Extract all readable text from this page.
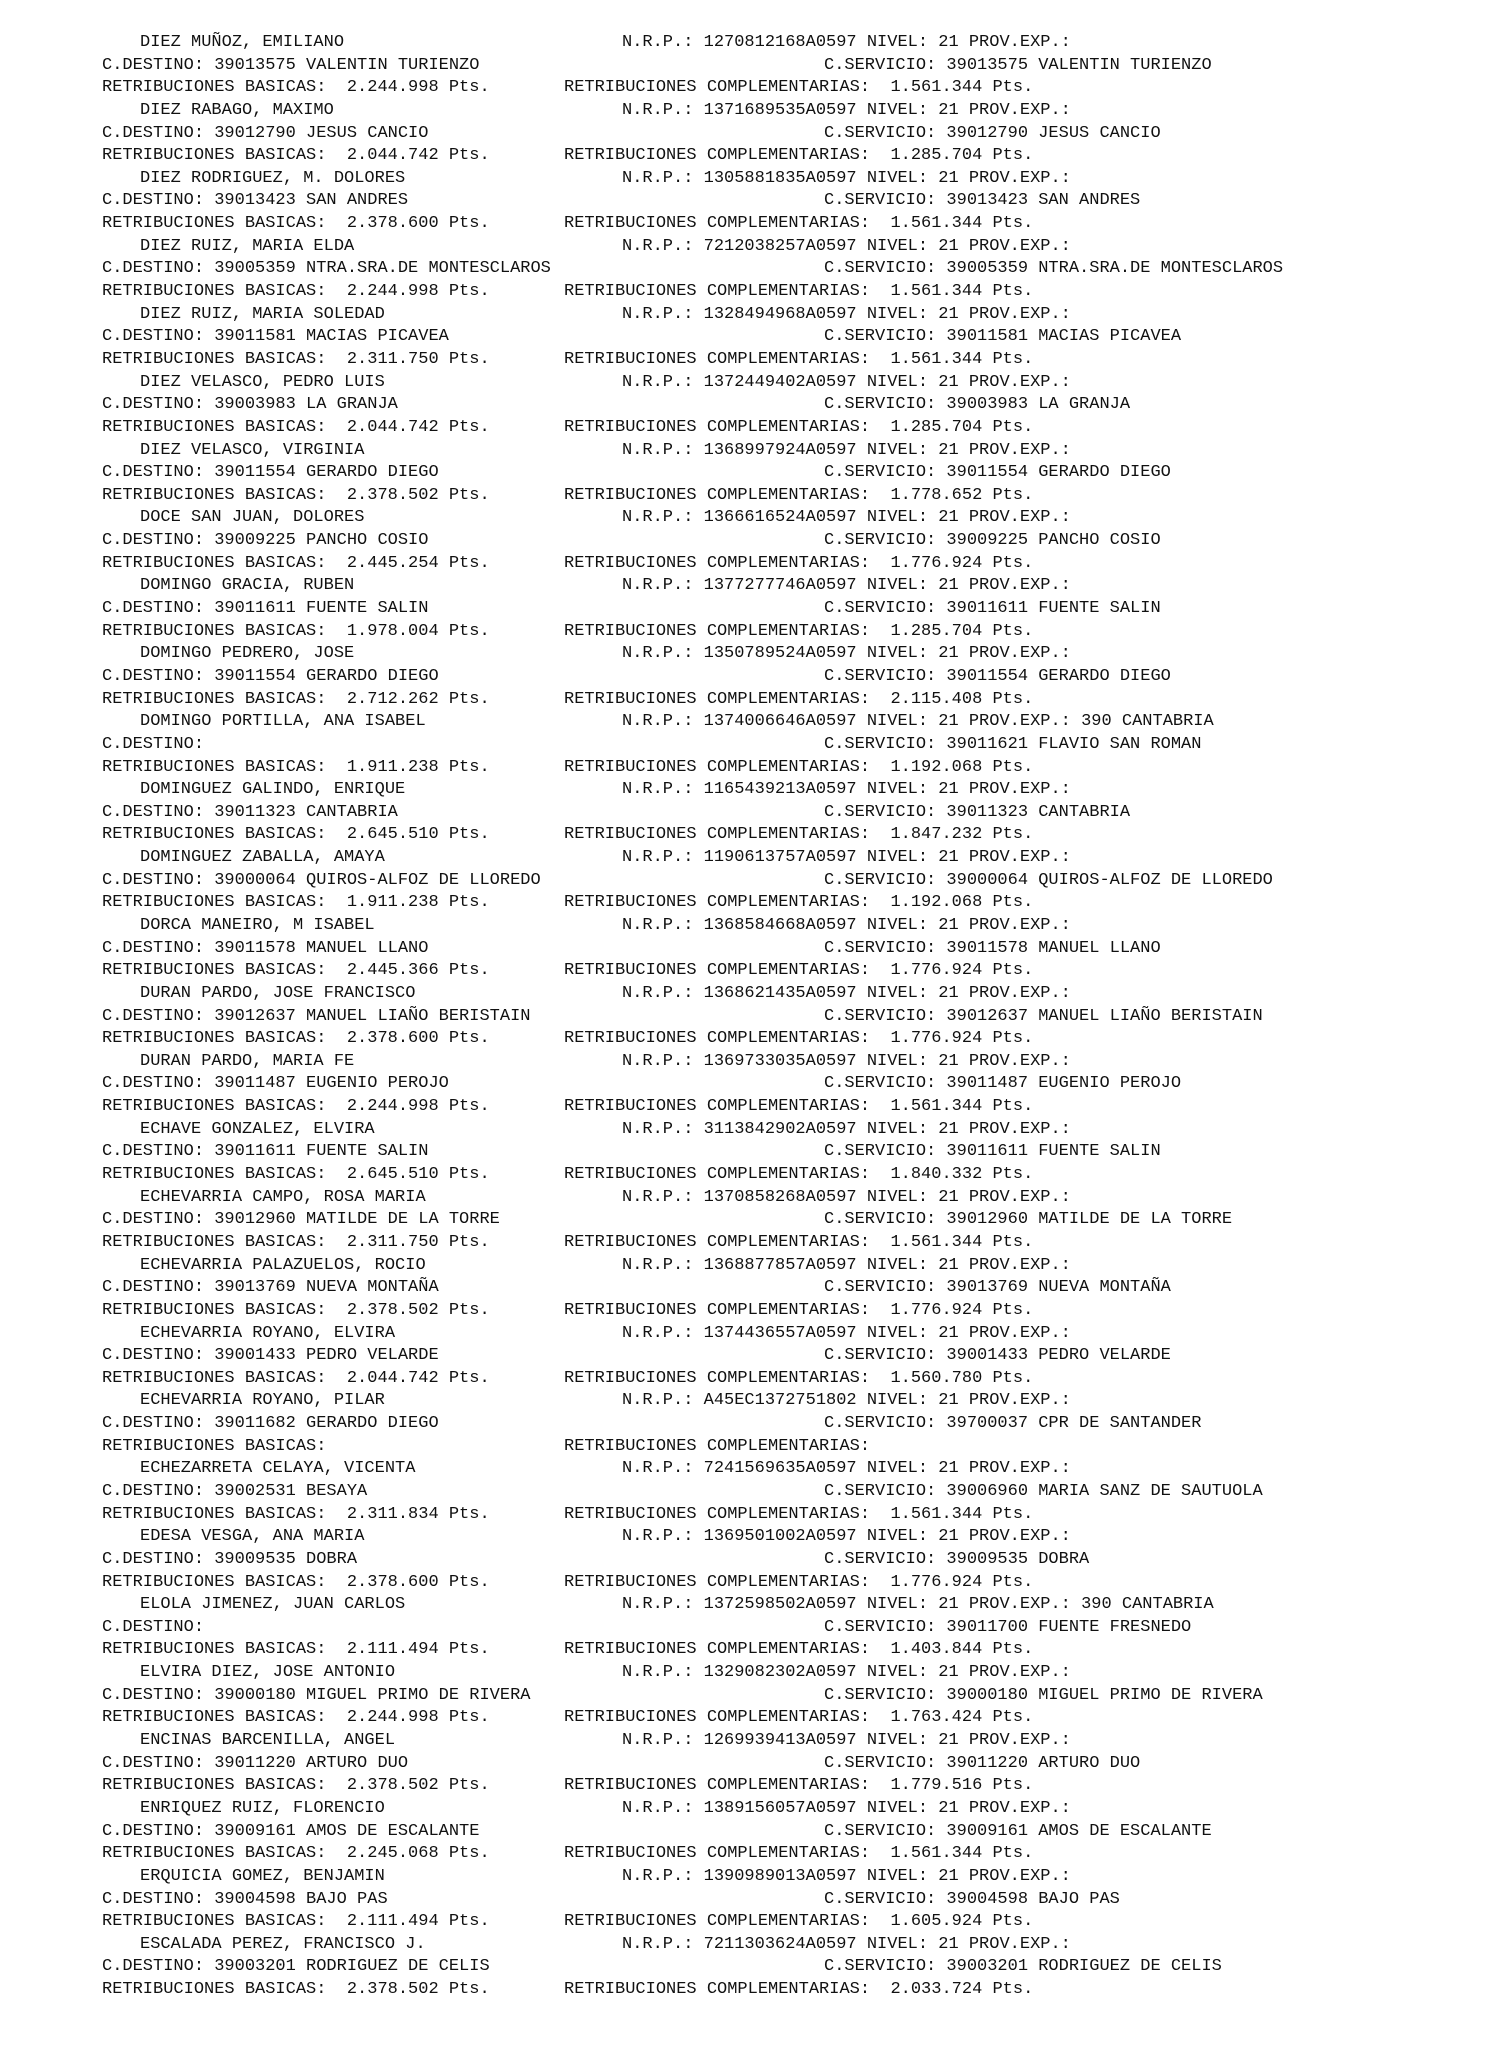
DIEZ MUÑOZ, EMILIANO	N.R.P.: 1270812168A0597 NIVEL: 21 PROV.EXP.:
C.DESTINO: 39013575 VALENTIN TURIENZO	C.SERVICIO: 39013575 VALENTIN TURIENZO
RETRIBUCIONES BASICAS:  2.244.998 Pts.	RETRIBUCIONES COMPLEMENTARIAS:  1.561.344 Pts.
DIEZ RABAGO, MAXIMO	N.R.P.: 1371689535A0597 NIVEL: 21 PROV.EXP.:
C.DESTINO: 39012790 JESUS CANCIO	C.SERVICIO: 39012790 JESUS CANCIO
RETRIBUCIONES BASICAS:  2.044.742 Pts.	RETRIBUCIONES COMPLEMENTARIAS:  1.285.704 Pts.
DIEZ RODRIGUEZ, M. DOLORES	N.R.P.: 1305881835A0597 NIVEL: 21 PROV.EXP.:
C.DESTINO: 39013423 SAN ANDRES	C.SERVICIO: 39013423 SAN ANDRES
RETRIBUCIONES BASICAS:  2.378.600 Pts.	RETRIBUCIONES COMPLEMENTARIAS:  1.561.344 Pts.
DIEZ RUIZ, MARIA ELDA	N.R.P.: 7212038257A0597 NIVEL: 21 PROV.EXP.:
C.DESTINO: 39005359 NTRA.SRA.DE MONTESCLAROS	C.SERVICIO: 39005359 NTRA.SRA.DE MONTESCLAROS
RETRIBUCIONES BASICAS:  2.244.998 Pts.	RETRIBUCIONES COMPLEMENTARIAS:  1.561.344 Pts.
DIEZ RUIZ, MARIA SOLEDAD	N.R.P.: 1328494968A0597 NIVEL: 21 PROV.EXP.:
C.DESTINO: 39011581 MACIAS PICAVEA	C.SERVICIO: 39011581 MACIAS PICAVEA
RETRIBUCIONES BASICAS:  2.311.750 Pts.	RETRIBUCIONES COMPLEMENTARIAS:  1.561.344 Pts.
DIEZ VELASCO, PEDRO LUIS	N.R.P.: 1372449402A0597 NIVEL: 21 PROV.EXP.:
C.DESTINO: 39003983 LA GRANJA	C.SERVICIO: 39003983 LA GRANJA
RETRIBUCIONES BASICAS:  2.044.742 Pts.	RETRIBUCIONES COMPLEMENTARIAS:  1.285.704 Pts.
DIEZ VELASCO, VIRGINIA	N.R.P.: 1368997924A0597 NIVEL: 21 PROV.EXP.:
C.DESTINO: 39011554 GERARDO DIEGO	C.SERVICIO: 39011554 GERARDO DIEGO
RETRIBUCIONES BASICAS:  2.378.502 Pts.	RETRIBUCIONES COMPLEMENTARIAS:  1.778.652 Pts.
DOCE SAN JUAN, DOLORES	N.R.P.: 1366616524A0597 NIVEL: 21 PROV.EXP.:
C.DESTINO: 39009225 PANCHO COSIO	C.SERVICIO: 39009225 PANCHO COSIO
RETRIBUCIONES BASICAS:  2.445.254 Pts.	RETRIBUCIONES COMPLEMENTARIAS:  1.776.924 Pts.
DOMINGO GRACIA, RUBEN	N.R.P.: 1377277746A0597 NIVEL: 21 PROV.EXP.:
C.DESTINO: 39011611 FUENTE SALIN	C.SERVICIO: 39011611 FUENTE SALIN
RETRIBUCIONES BASICAS:  1.978.004 Pts.	RETRIBUCIONES COMPLEMENTARIAS:  1.285.704 Pts.
DOMINGO PEDRERO, JOSE	N.R.P.: 1350789524A0597 NIVEL: 21 PROV.EXP.:
C.DESTINO: 39011554 GERARDO DIEGO	C.SERVICIO: 39011554 GERARDO DIEGO
RETRIBUCIONES BASICAS:  2.712.262 Pts.	RETRIBUCIONES COMPLEMENTARIAS:  2.115.408 Pts.
DOMINGO PORTILLA, ANA ISABEL	N.R.P.: 1374006646A0597 NIVEL: 21 PROV.EXP.: 390 CANTABRIA
C.DESTINO:	C.SERVICIO: 39011621 FLAVIO SAN ROMAN
RETRIBUCIONES BASICAS:  1.911.238 Pts.	RETRIBUCIONES COMPLEMENTARIAS:  1.192.068 Pts.
DOMINGUEZ GALINDO, ENRIQUE	N.R.P.: 1165439213A0597 NIVEL: 21 PROV.EXP.:
C.DESTINO: 39011323 CANTABRIA	C.SERVICIO: 39011323 CANTABRIA
RETRIBUCIONES BASICAS:  2.645.510 Pts.	RETRIBUCIONES COMPLEMENTARIAS:  1.847.232 Pts.
DOMINGUEZ ZABALLA, AMAYA	N.R.P.: 1190613757A0597 NIVEL: 21 PROV.EXP.:
C.DESTINO: 39000064 QUIROS-ALFOZ DE LLOREDO	C.SERVICIO: 39000064 QUIROS-ALFOZ DE LLOREDO
RETRIBUCIONES BASICAS:  1.911.238 Pts.	RETRIBUCIONES COMPLEMENTARIAS:  1.192.068 Pts.
DORCA MANEIRO, M ISABEL	N.R.P.: 1368584668A0597 NIVEL: 21 PROV.EXP.:
C.DESTINO: 39011578 MANUEL LLANO	C.SERVICIO: 39011578 MANUEL LLANO
RETRIBUCIONES BASICAS:  2.445.366 Pts.	RETRIBUCIONES COMPLEMENTARIAS:  1.776.924 Pts.
DURAN PARDO, JOSE FRANCISCO	N.R.P.: 1368621435A0597 NIVEL: 21 PROV.EXP.:
C.DESTINO: 39012637 MANUEL LIAÑO BERISTAIN	C.SERVICIO: 39012637 MANUEL LIAÑO BERISTAIN
RETRIBUCIONES BASICAS:  2.378.600 Pts.	RETRIBUCIONES COMPLEMENTARIAS:  1.776.924 Pts.
DURAN PARDO, MARIA FE	N.R.P.: 1369733035A0597 NIVEL: 21 PROV.EXP.:
C.DESTINO: 39011487 EUGENIO PEROJO	C.SERVICIO: 39011487 EUGENIO PEROJO
RETRIBUCIONES BASICAS:  2.244.998 Pts.	RETRIBUCIONES COMPLEMENTARIAS:  1.561.344 Pts.
ECHAVE GONZALEZ, ELVIRA	N.R.P.: 3113842902A0597 NIVEL: 21 PROV.EXP.:
C.DESTINO: 39011611 FUENTE SALIN	C.SERVICIO: 39011611 FUENTE SALIN
RETRIBUCIONES BASICAS:  2.645.510 Pts.	RETRIBUCIONES COMPLEMENTARIAS:  1.840.332 Pts.
ECHEVARRIA CAMPO, ROSA MARIA	N.R.P.: 1370858268A0597 NIVEL: 21 PROV.EXP.:
C.DESTINO: 39012960 MATILDE DE LA TORRE	C.SERVICIO: 39012960 MATILDE DE LA TORRE
RETRIBUCIONES BASICAS:  2.311.750 Pts.	RETRIBUCIONES COMPLEMENTARIAS:  1.561.344 Pts.
ECHEVARRIA PALAZUELOS, ROCIO	N.R.P.: 1368877857A0597 NIVEL: 21 PROV.EXP.:
C.DESTINO: 39013769 NUEVA MONTAÑA	C.SERVICIO: 39013769 NUEVA MONTAÑA
RETRIBUCIONES BASICAS:  2.378.502 Pts.	RETRIBUCIONES COMPLEMENTARIAS:  1.776.924 Pts.
ECHEVARRIA ROYANO, ELVIRA	N.R.P.: 1374436557A0597 NIVEL: 21 PROV.EXP.:
C.DESTINO: 39001433 PEDRO VELARDE	C.SERVICIO: 39001433 PEDRO VELARDE
RETRIBUCIONES BASICAS:  2.044.742 Pts.	RETRIBUCIONES COMPLEMENTARIAS:  1.560.780 Pts.
ECHEVARRIA ROYANO, PILAR	N.R.P.: A45EC1372751802 NIVEL: 21 PROV.EXP.:
C.DESTINO: 39011682 GERARDO DIEGO	C.SERVICIO: 39700037 CPR DE SANTANDER
RETRIBUCIONES BASICAS:	RETRIBUCIONES COMPLEMENTARIAS:
ECHEZARRETA CELAYA, VICENTA	N.R.P.: 7241569635A0597 NIVEL: 21 PROV.EXP.:
C.DESTINO: 39002531 BESAYA	C.SERVICIO: 39006960 MARIA SANZ DE SAUTUOLA
RETRIBUCIONES BASICAS:  2.311.834 Pts.	RETRIBUCIONES COMPLEMENTARIAS:  1.561.344 Pts.
EDESA VESGA, ANA MARIA	N.R.P.: 1369501002A0597 NIVEL: 21 PROV.EXP.:
C.DESTINO: 39009535 DOBRA	C.SERVICIO: 39009535 DOBRA
RETRIBUCIONES BASICAS:  2.378.600 Pts.	RETRIBUCIONES COMPLEMENTARIAS:  1.776.924 Pts.
ELOLA JIMENEZ, JUAN CARLOS	N.R.P.: 1372598502A0597 NIVEL: 21 PROV.EXP.: 390 CANTABRIA
C.DESTINO:	C.SERVICIO: 39011700 FUENTE FRESNEDO
RETRIBUCIONES BASICAS:  2.111.494 Pts.	RETRIBUCIONES COMPLEMENTARIAS:  1.403.844 Pts.
ELVIRA DIEZ, JOSE ANTONIO	N.R.P.: 1329082302A0597 NIVEL: 21 PROV.EXP.:
C.DESTINO: 39000180 MIGUEL PRIMO DE RIVERA	C.SERVICIO: 39000180 MIGUEL PRIMO DE RIVERA
RETRIBUCIONES BASICAS:  2.244.998 Pts.	RETRIBUCIONES COMPLEMENTARIAS:  1.763.424 Pts.
ENCINAS BARCENILLA, ANGEL	N.R.P.: 1269939413A0597 NIVEL: 21 PROV.EXP.:
C.DESTINO: 39011220 ARTURO DUO	C.SERVICIO: 39011220 ARTURO DUO
RETRIBUCIONES BASICAS:  2.378.502 Pts.	RETRIBUCIONES COMPLEMENTARIAS:  1.779.516 Pts.
ENRIQUEZ RUIZ, FLORENCIO	N.R.P.: 1389156057A0597 NIVEL: 21 PROV.EXP.:
C.DESTINO: 39009161 AMOS DE ESCALANTE	C.SERVICIO: 39009161 AMOS DE ESCALANTE
RETRIBUCIONES BASICAS:  2.245.068 Pts.	RETRIBUCIONES COMPLEMENTARIAS:  1.561.344 Pts.
ERQUICIA GOMEZ, BENJAMIN	N.R.P.: 1390989013A0597 NIVEL: 21 PROV.EXP.:
C.DESTINO: 39004598 BAJO PAS	C.SERVICIO: 39004598 BAJO PAS
RETRIBUCIONES BASICAS:  2.111.494 Pts.	RETRIBUCIONES COMPLEMENTARIAS:  1.605.924 Pts.
ESCALADA PEREZ, FRANCISCO J.	N.R.P.: 7211303624A0597 NIVEL: 21 PROV.EXP.:
C.DESTINO: 39003201 RODRIGUEZ DE CELIS	C.SERVICIO: 39003201 RODRIGUEZ DE CELIS
RETRIBUCIONES BASICAS:  2.378.502 Pts.	RETRIBUCIONES COMPLEMENTARIAS:  2.033.724 Pts.
